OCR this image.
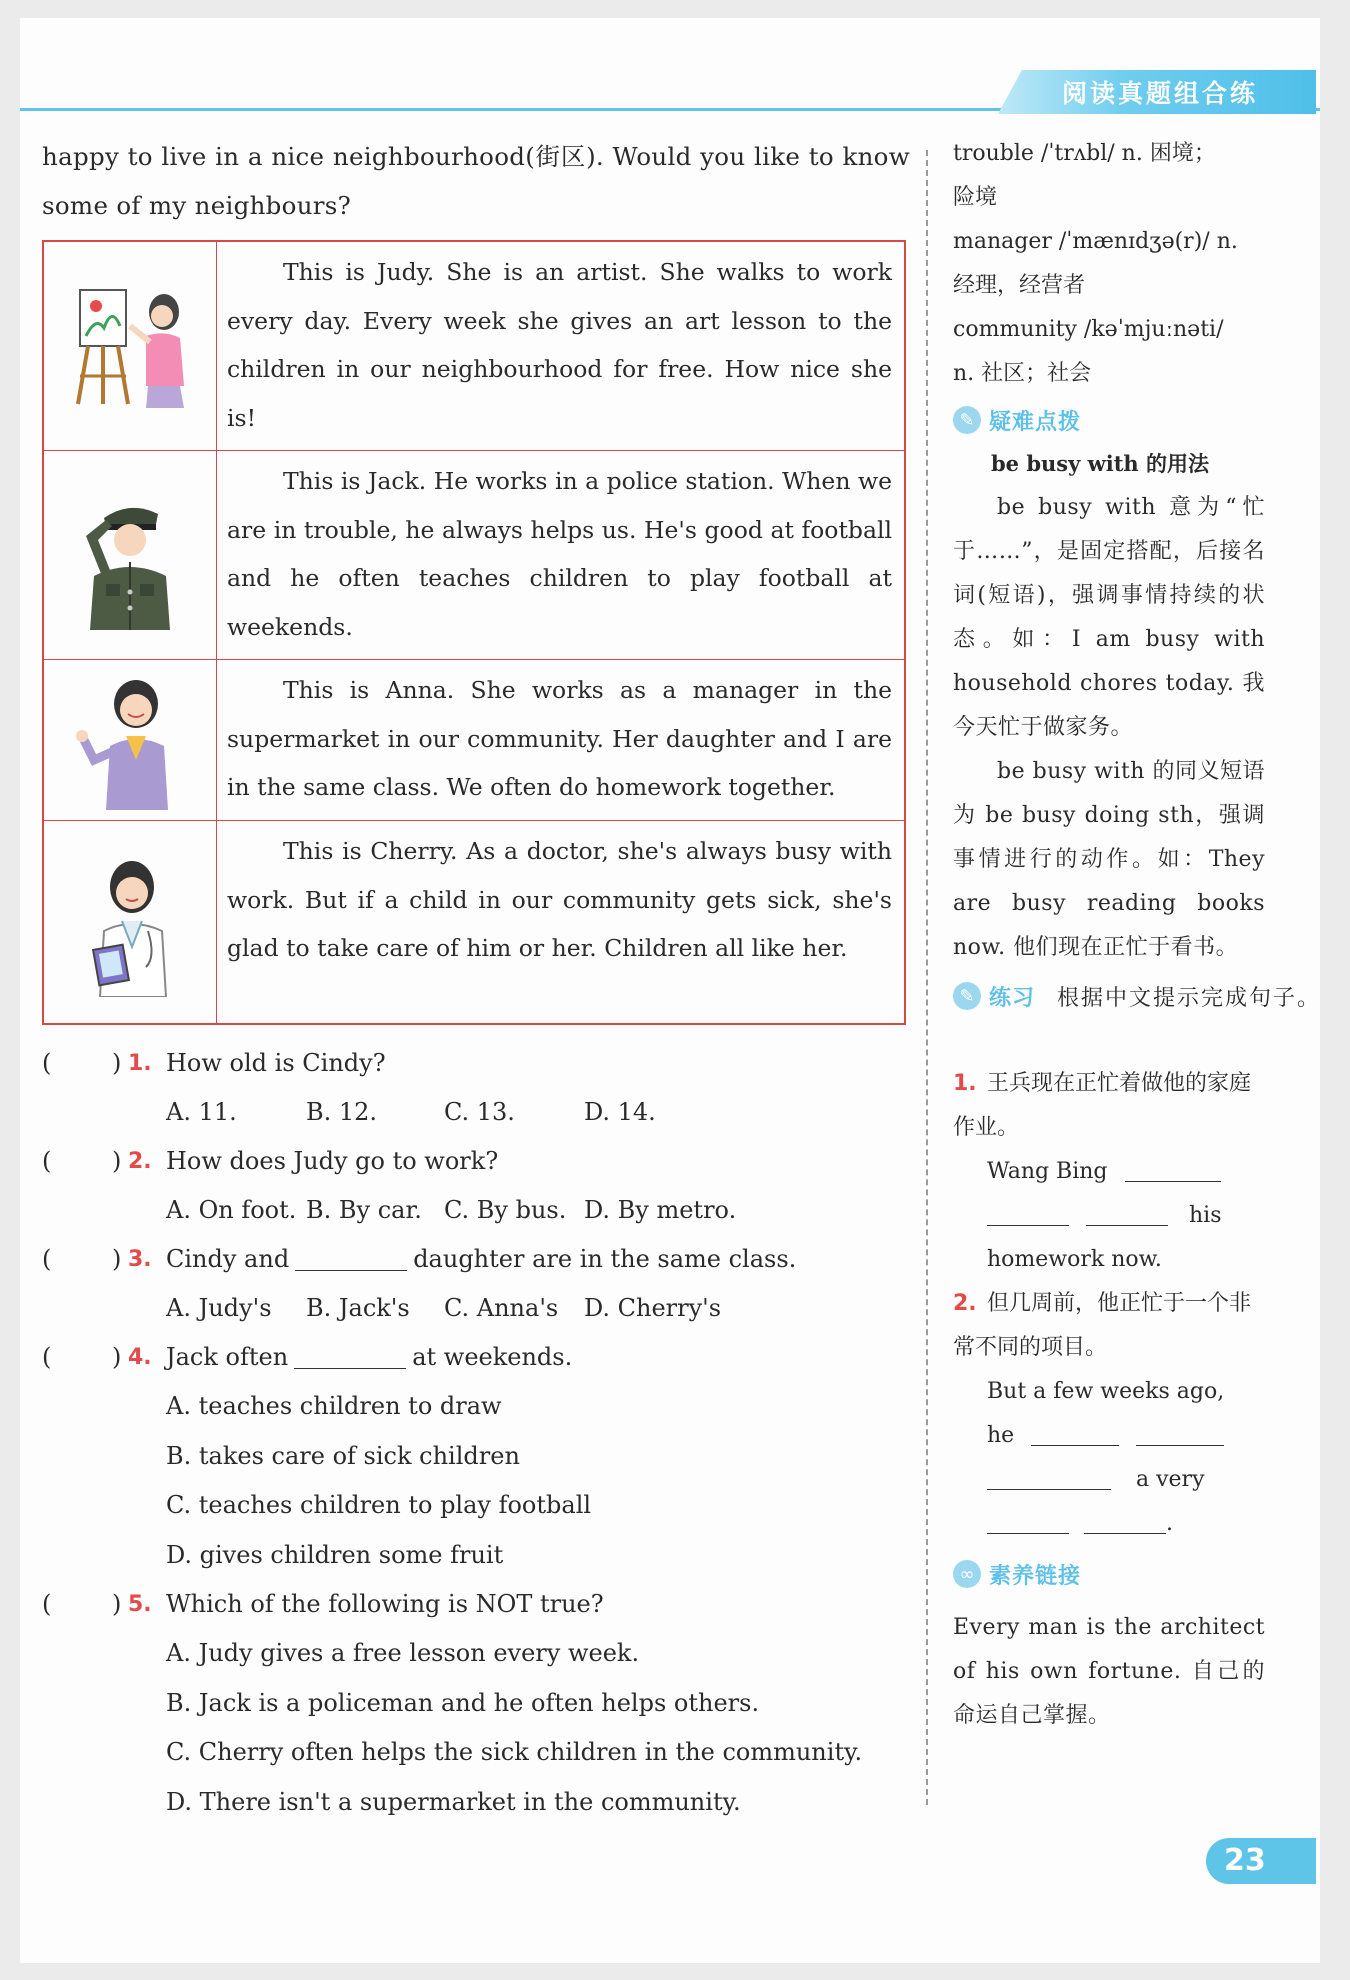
阅读真题组合练

happy to live in a nice neighbourhood(街区). Would you like to know some of my neighbours?

	This is Judy. She is an artist. She walks to work every day. Every week she gives an art lesson to the children in our neighbourhood for free. How nice she is!

	This is Jack. He works in a police station. When we are in trouble, he always helps us. He's good at football and he often teaches children to play football at weekends.

	This is Anna. She works as a manager in the supermarket in our community. Her daughter and I are in the same class. We often do homework together.

	This is Cherry. As a doctor, she's always busy with work. But if a child in our community gets sick, she's glad to take care of him or her. Children all like her.
(	) 1. How old is Cindy?
A. 11.	B. 12.	C. 13.	D. 14.
(	) 2. How does Judy go to work?
A. On foot. B. By car. C. By bus. D. By metro.
(	) 3. Cindy and	daughter are in the same class.
A. Judy's B. Jack's C. Anna's D. Cherry's
(	) 4. Jack often	at weekends.
A. teaches children to draw
B. takes care of sick children
C. teaches children to play football
D. gives children some fruit
(	) 5. Which of the following is NOT true?
A. Judy gives a free lesson every week.
B. Jack is a policeman and he often helps others.
C. Cherry often helps the sick children in the community.
D. There isn't a supermarket in the community.
trouble /ˈtrʌbl/ n. 困境；
险境
manager /ˈmænɪdʒə(r)/ n.
经理，经营者
community /kəˈmjuːnəti/
n. 社区；社会
✎ 疑难点拨
be busy with 的用法

be busy with 意为“忙于……”，是固定搭配，后接名词(短语)，强调事情持续的状态。如：I am busy with household chores today. 我今天忙于做家务。

be busy with 的同义短语为 be busy doing sth，强调事情进行的动作。如：They are busy reading books now. 他们现在正忙于看书。

✎ 练习 根据中文提示完成句子。
1. 王兵现在正忙着做他的家庭作业。
Wang Bing
his
homework now.
2. 但几周前，他正忙于一个非常不同的项目。
But a few weeks ago,
he
a very
.
∞ 素养链接

Every man is the architect of his own fortune. 自己的命运自己掌握。

23
